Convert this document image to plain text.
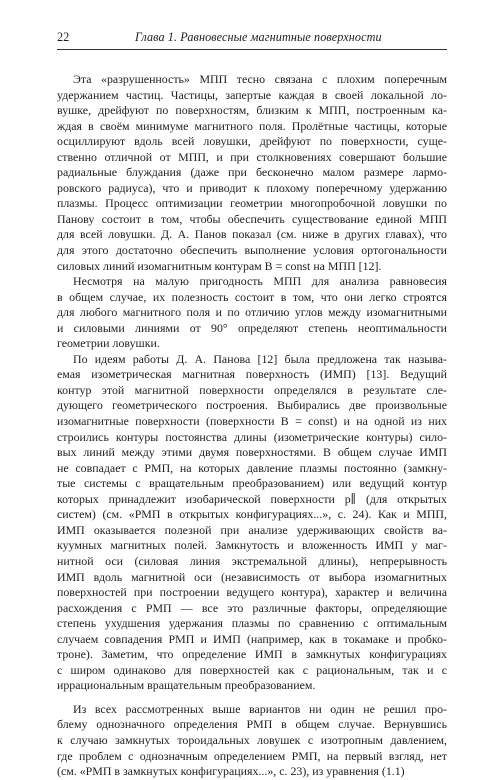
22	Глава 1. Равновесные магнитные поверхности
Эта «разрушенность» МПП тесно связана с плохим поперечным
удержанием частиц. Частицы, запертые каждая в своей локальной ло-
вушке, дрейфуют по поверхностям, близким к МПП, построенным ка-
ждая в своём минимуме магнитного поля. Пролётные частицы, которые
осциллируют вдоль всей ловушки, дрейфуют по поверхности, суще-
ственно отличной от МПП, и при столкновениях совершают большие
радиальные блуждания (даже при бесконечно малом размере лармо-
ровского радиуса), что и приводит к плохому поперечному удержанию
плазмы. Процесс оптимизации геометрии многопробочной ловушки по
Панову состоит в том, чтобы обеспечить существование единой МПП
для всей ловушки. Д. А. Панов показал (см. ниже в других главах), что
для этого достаточно обеспечить выполнение условия ортогональности
силовых линий изомагнитным контурам B = const на МПП [12].
Несмотря на малую пригодность МПП для анализа равновесия
в общем случае, их полезность состоит в том, что они легко строятся
для любого магнитного поля и по отличию углов между изомагнитными
и силовыми линиями от 90° определяют степень неоптимальности
геометрии ловушки.
По идеям работы Д. А. Панова [12] была предложена так называ-
емая изометрическая магнитная поверхность (ИМП) [13]. Ведущий
контур этой магнитной поверхности определялся в результате сле-
дующего геометрического построения. Выбирались две произвольные
изомагнитные поверхности (поверхности B = const) и на одной из них
строились контуры постоянства длины (изометрические контуры) сило-
вых линий между этими двумя поверхностями. В общем случае ИМП
не совпадает с РМП, на которых давление плазмы постоянно (замкну-
тые системы с вращательным преобразованием) или ведущий контур
которых принадлежит изобарической поверхности p∥ (для открытых
систем) (см. «РМП в открытых конфигурациях...», с. 24). Как и МПП,
ИМП оказывается полезной при анализе удерживающих свойств ва-
куумных магнитных полей. Замкнутость и вложенность ИМП у маг-
нитной оси (силовая линия экстремальной длины), непрерывность
ИМП вдоль магнитной оси (независимость от выбора изомагнитных
поверхностей при построении ведущего контура), характер и величина
расхождения с РМП — все это различные факторы, определяющие
степень ухудшения удержания плазмы по сравнению с оптимальным
случаем совпадения РМП и ИМП (например, как в токамаке и пробко-
троне). Заметим, что определение ИМП в замкнутых конфигурациях
с широм одинаково для поверхностей как с рациональным, так и с
иррациональным вращательным преобразованием.
Из всех рассмотренных выше вариантов ни один не решил про-
блему однозначного определения РМП в общем случае. Вернувшись
к случаю замкнутых тороидальных ловушек с изотропным давлением,
где проблем с однозначным определением РМП, на первый взгляд, нет
(см. «РМП в замкнутых конфигурациях...», с. 23), из уравнения (1.1)
